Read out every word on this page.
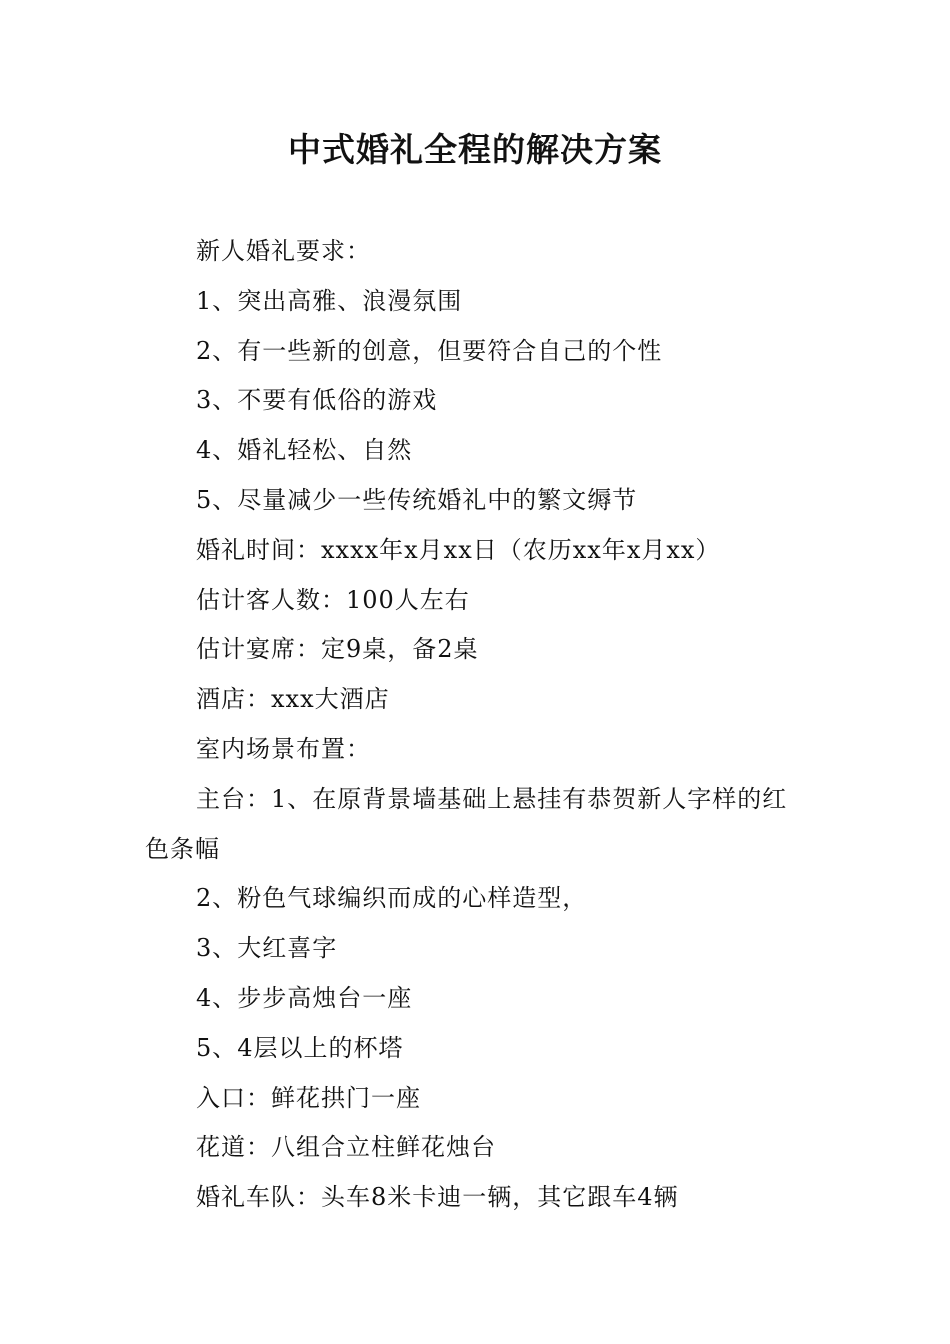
中式婚礼全程的解决方案

新人婚礼要求：

1、突出高雅、浪漫氛围

2、有一些新的创意，但要符合自己的个性

3、不要有低俗的游戏

4、婚礼轻松、自然

5、尽量减少一些传统婚礼中的繁文缛节

婚礼时间：xxxx年x月xx日（农历xx年x月xx）

估计客人数：100人左右

估计宴席：定9桌，备2桌

酒店：xxx大酒店

室内场景布置：

主台：1、在原背景墙基础上悬挂有恭贺新人字样的红色条幅

2、粉色气球编织而成的心样造型，

3、大红喜字

4、步步高烛台一座

5、4层以上的杯塔

入口：鲜花拱门一座

花道：八组合立柱鲜花烛台

婚礼车队：头车8米卡迪一辆，其它跟车4辆
